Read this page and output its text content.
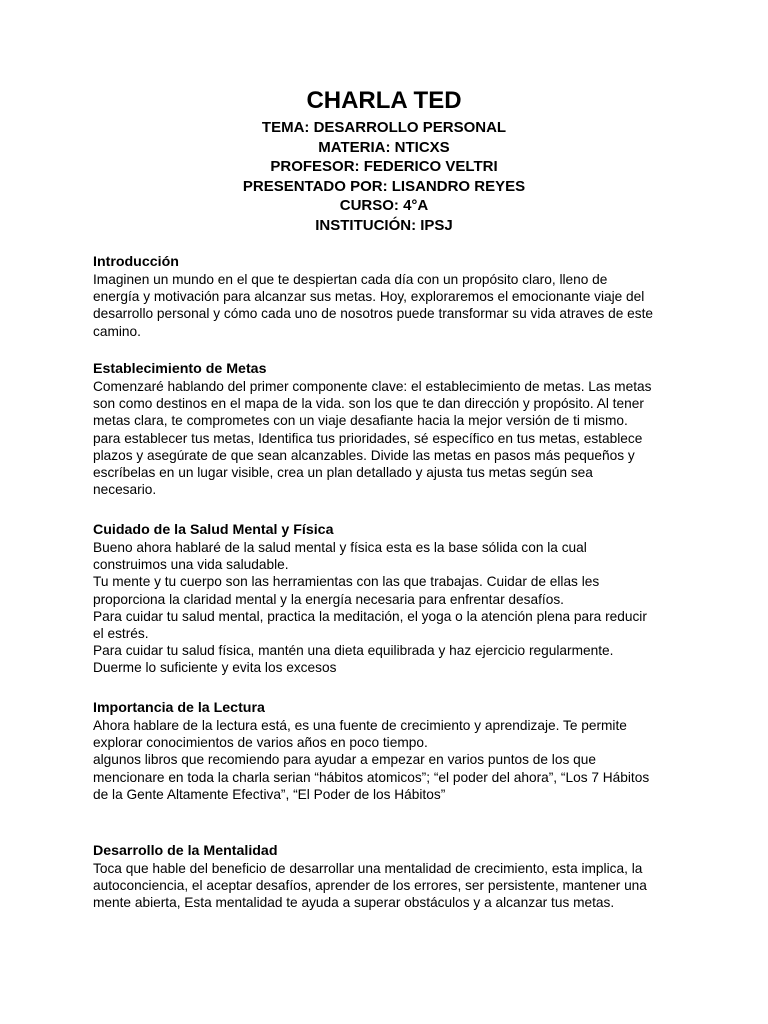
CHARLA TED
TEMA: DESARROLLO PERSONAL
MATERIA: NTICXS
PROFESOR: FEDERICO VELTRI
PRESENTADO POR: LISANDRO REYES
CURSO: 4°A
INSTITUCIÓN: IPSJ
Introducción

Imaginen un mundo en el que te despiertan cada día con un propósito claro, lleno de
energía y motivación para alcanzar sus metas. Hoy, exploraremos el emocionante viaje del
desarrollo personal y cómo cada uno de nosotros puede transformar su vida atraves de este
camino.

Establecimiento de Metas

Comenzaré hablando del primer componente clave: el establecimiento de metas. Las metas
son como destinos en el mapa de la vida. son los que te dan dirección y propósito. Al tener
metas clara, te comprometes con un viaje desafiante hacia la mejor versión de ti mismo.
para establecer tus metas, Identifica tus prioridades, sé específico en tus metas, establece
plazos y asegúrate de que sean alcanzables. Divide las metas en pasos más pequeños y
escríbelas en un lugar visible, crea un plan detallado y ajusta tus metas según sea
necesario.

Cuidado de la Salud Mental y Física

Bueno ahora hablaré de la salud mental y física esta es la base sólida con la cual
construimos una vida saludable.
Tu mente y tu cuerpo son las herramientas con las que trabajas. Cuidar de ellas les
proporciona la claridad mental y la energía necesaria para enfrentar desafíos.
Para cuidar tu salud mental, practica la meditación, el yoga o la atención plena para reducir
el estrés.
Para cuidar tu salud física, mantén una dieta equilibrada y haz ejercicio regularmente.
Duerme lo suficiente y evita los excesos

Importancia de la Lectura

Ahora hablare de la lectura está, es una fuente de crecimiento y aprendizaje. Te permite
explorar conocimientos de varios años en poco tiempo.
algunos libros que recomiendo para ayudar a empezar en varios puntos de los que
mencionare en toda la charla serian “hábitos atomicos”; “el poder del ahora”, “Los 7 Hábitos
de la Gente Altamente Efectiva”, “El Poder de los Hábitos”

Desarrollo de la Mentalidad

Toca que hable del beneficio de desarrollar una mentalidad de crecimiento, esta implica, la
autoconciencia, el aceptar desafíos, aprender de los errores, ser persistente, mantener una
mente abierta, Esta mentalidad te ayuda a superar obstáculos y a alcanzar tus metas.
